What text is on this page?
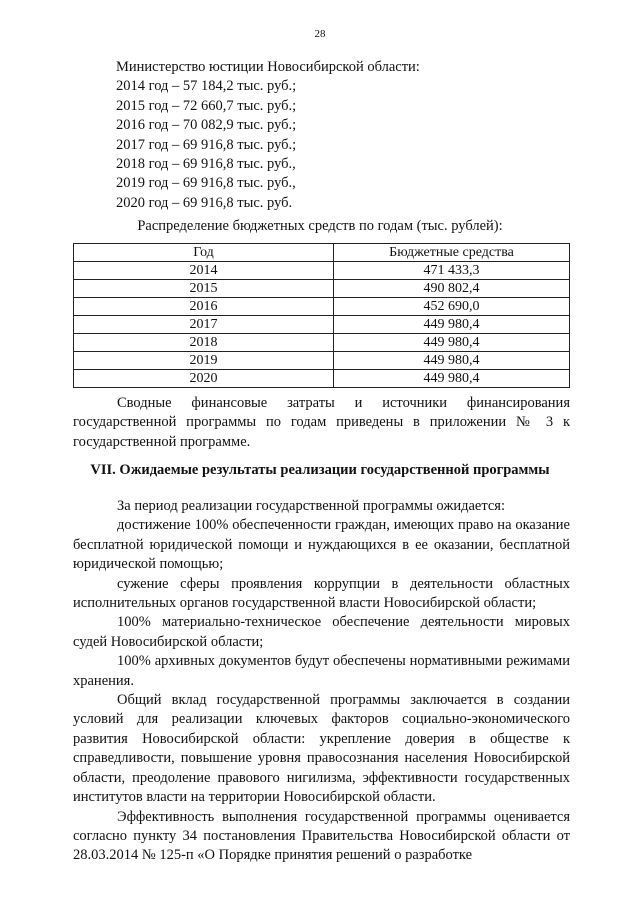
28
Министерство юстиции Новосибирской области:
2014 год – 57 184,2 тыс. руб.;
2015 год – 72 660,7 тыс. руб.;
2016 год – 70 082,9 тыс. руб.;
2017 год – 69 916,8 тыс. руб.;
2018 год – 69 916,8 тыс. руб.,
2019 год – 69 916,8 тыс. руб.,
2020 год – 69 916,8 тыс. руб.
Распределение бюджетных средств по годам (тыс. рублей):
Год	Бюджетные средства
2014	471 433,3
2015	490 802,4
2016	452 690,0
2017	449 980,4
2018	449 980,4
2019	449 980,4
2020	449 980,4
Сводные финансовые затраты и источники финансирования государственной программы по годам приведены в приложении № 3 к государственной программе.
VII. Ожидаемые результаты реализации государственной программы
За период реализации государственной программы ожидается:
достижение 100% обеспеченности граждан, имеющих право на оказание бесплатной юридической помощи и нуждающихся в ее оказании, бесплатной юридической помощью;
сужение сферы проявления коррупции в деятельности областных исполнительных органов государственной власти Новосибирской области;
100% материально-техническое обеспечение деятельности мировых судей Новосибирской области;
100% архивных документов будут обеспечены нормативными режимами хранения.
Общий вклад государственной программы заключается в создании условий для реализации ключевых факторов социально-экономического развития Новосибирской области: укрепление доверия в обществе к справедливости, повышение уровня правосознания населения Новосибирской области, преодоление правового нигилизма, эффективности государственных институтов власти на территории Новосибирской области.
Эффективность выполнения государственной программы оценивается согласно пункту 34 постановления Правительства Новосибирской области от 28.03.2014 № 125-п «О Порядке принятия решений о разработке
